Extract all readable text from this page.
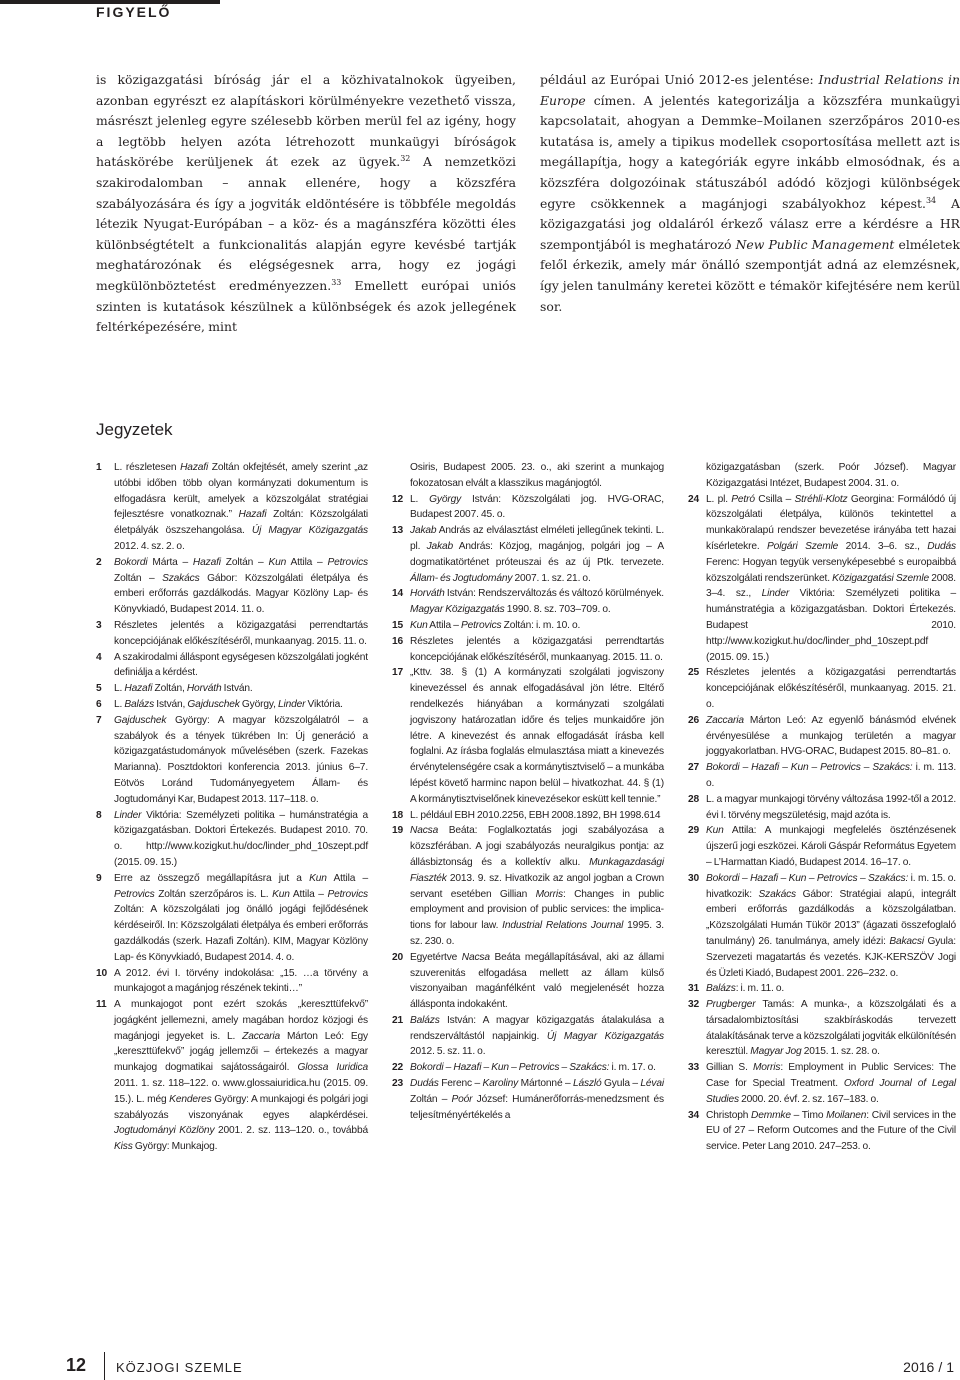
FIGYELŐ

is közigazgatási bíróság jár el a közhivatalnokok ügyeiben, azonban egyrészt ez alapításkori körülményekre vezethető vissza, másrészt jelenleg egyre szélesebb körben merül fel az igény, hogy a legtöbb helyen azóta létrehozott munkaügyi bíróságok hatáskörébe kerüljenek át ezek az ügyek.$^{32}$ A nemzetközi szakirodalomban – annak ellenére, hogy a közszféra szabályozására és így a jogviták eldöntésére is többféle megoldás létezik Nyugat-Európában – a köz- és a magánszféra közötti éles különbségtételt a funkcionalitás alapján egyre kevésbé tartják meghatározónak és elégségesnek arra, hogy ez jogági megkülönböztetést eredményezzen.$^{33}$ Emellett európai uniós szinten is kutatások készülnek a különbségek és azok jellegének feltérképezésére, mint

például az Európai Unió 2012-es jelentése: Industrial Relations in Europe címen. A jelentés kategorizálja a közszféra munkaügyi kapcsolatait, ahogyan a Demmke–Moilanen szerzőpáros 2010-es kutatása is, amely a tipikus modellek csoportosítása mellett azt is megállapítja, hogy a kategóriák egyre inkább elmosódnak, és a közszféra dolgozóinak státuszából adódó közjogi különbségek egyre csökkennek a magánjogi szabályokhoz képest.$^{34}$ A közigazgatási jog oldaláról érkező válasz erre a kérdésre a HR szempontjából is meghatározó New Public Management elméletek felől érkezik, amely már önálló szempontját adná az elemzésnek, így jelen tanulmány keretei között e témakör kifejtésére nem kerül sor.

Jegyzetek

1 L. részletesen Hazafi Zoltán okfejtését, amely szerint „az utóbbi időben több olyan kormányzati dokumentum is elfogadásra került, amelyek a közszolgálat stratégiai fejlesztésre vonatkoznak.” Hazafi Zoltán: Közszolgálati életpályák öszszehangolása. Új Magyar Közigazgatás 2012. 4. sz. 2. o.

2 Bokordi Márta – Hazafi Zoltán – Kun Attila – Petrovics Zoltán – Szakács Gábor: Közszolgálati életpálya és emberi erőforrás gazdálkodás. Magyar Közlöny Lap- és Könyvkiadó, Budapest 2014. 11. o.

3 Részletes jelentés a közigazgatási perrendtartás koncepciójának előkészítéséről, munkaanyag. 2015. 11. o.

4 A szakirodalmi álláspont egységesen közszolgálati jogként definiálja a kérdést.

5 L. Hazafi Zoltán, Horváth István.

6 L. Balázs István, Gajduschek György, Linder Viktória.

7 Gajduschek György: A magyar közszolgálatról – a szabályok és a tények tükrében In: Új generáció a közigazgatástudományok művelésében (szerk. Fazekas Marianna). Posztdoktori konferencia 2013. június 6–7. Eötvös Loránd Tudományegyetem Állam- és Jogtudományi Kar, Budapest 2013. 117–118. o.

8 Linder Viktória: Személyzeti politika – humánstratégia a közigazgatásban. Doktori Értekezés. Budapest 2010. 70. o. http://www.kozigkut.hu/doc/linder_phd_10szept.pdf (2015. 09. 15.)

9 Erre az összegző megállapításra jut a Kun Attila – Petrovics Zoltán szerzőpáros is. L. Kun Attila – Petrovics Zoltán: A közszolgálati jog önálló jogági fejlődésének kérdéseiről. In: Közszolgálati életpálya és emberi erőforrás gazdálkodás (szerk. Hazafi Zoltán). KIM, Magyar Közlöny Lap- és Könyvkiadó, Budapest 2014. 4. o.

10 A 2012. évi I. törvény indokolása: „15. …a törvény a munkajogot a magánjog részének tekinti…”

11 A munkajogot pont ezért szokás „kereszttüfekvő” jogágként jellemezni, amely magában hordoz közjogi és magánjogi jegyeket is. L. Zaccaria Márton Leó: Egy „kereszttüfekvő” jogág jellemzői – értekezés a magyar munkajog dogmatikai sajátosságairól. Glossa Iuridica 2011. 1. sz. 118–122. o. www.glossaiuridica.hu (2015. 09. 15.). L. még Kenderes György: A munkajogi és polgári jogi szabályozás viszonyának egyes alapkérdései. Jogtudományi Közlöny 2001. 2. sz. 113–120. o., továbbá Kiss György: Munkajog.

Osiris, Budapest 2005. 23. o., aki szerint a munkajog fokozatosan elvált a klasszikus magánjogtól.

12 L. György István: Közszolgálati jog. HVG-ORAC, Budapest 2007. 45. o.

13 Jakab András az elválasztást elméleti jellegűnek tekinti. L. pl. Jakab András: Közjog, magánjog, polgári jog – A dogmatikatörténet próteuszai és az új Ptk. tervezete. Állam- és Jogtudomány 2007. 1. sz. 21. o.

14 Horváth István: Rendszerváltozás és változó körülmények. Magyar Közigazgatás 1990. 8. sz. 703–709. o.

15 Kun Attila – Petrovics Zoltán: i. m. 10. o.

16 Részletes jelentés a közigazgatási perrendtartás koncepciójának előkészítéséről, munkaanyag. 2015. 11. o.

17 „Kttv. 38. § (1) A kormányzati szolgálati jogviszony kinevezéssel és annak elfogadásával jön létre. Eltérő rendelkezés hiányában a kormányzati szolgálati jogviszony határozatlan időre és teljes munkaidőre jön létre. A kinevezést és annak elfogadását írásba kell foglalni. Az írásba foglalás elmulasztása miatt a kinevezés érvénytelenségére csak a kormánytisztviselő – a munkába lépést követő harminc napon belül – hivatkozhat. 44. § (1) A kormánytisztviselőnek kinevezésekor eskütt kell tennie.”

18 L. például EBH 2010.2256, EBH 2008.1892, BH 1998.614

19 Nacsa Beáta: Foglalkoztatás jogi szabályozása a közszférában. A jogi szabályozás neuralgikus pontja: az állásbiztonság és a kollektív alku. Munkagazdasági Fiaszték 2013. 9. sz. Hivatkozik az angol jogban a Crown servant esetében Gillian Morris: Changes in public employment and provision of public services: the implications for labour law. Industrial Relations Journal 1995. 3. sz. 230. o.

20 Egyetértve Nacsa Beáta megállapításával, aki az állami szuverenitás elfogadása mellett az állam külső viszonyaiban magánfélként való megjelenését hozza állásponta indokaként.

21 Balázs István: A magyar közigazgatás átalakulása a rendszerváltástól napjainkig. Új Magyar Közigazgatás 2012. 5. sz. 11. o.

22 Bokordi – Hazafi – Kun – Petrovics – Szakács: i. m. 17. o.

23 Dudás Ferenc – Karoliny Mártonné – László Gyula – Lévai Zoltán – Poór József: Humánerőforrás-menedzsment és teljesítményértékelés a

közigazgatásban (szerk. Poór József). Magyar Közigazgatási Intézet, Budapest 2004. 31. o.

24 L. pl. Petró Csilla – Stréhli-Klotz Georgina: Formálódó új közszolgálati életpálya, különös tekintettel a munkaköralapú rendszer bevezetése irányába tett hazai kísérletekre. Polgári Szemle 2014. 3–6. sz., Dudás Ferenc: Hogyan tegyük versenyképesebbé s europaibbá közszolgálati rendszerünket. Közigazgatási Szemle 2008. 3–4. sz., Linder Viktória: Személyzeti politika – humánstratégia a közigazgatásban. Doktori Értekezés. Budapest 2010. http://www.kozigkut.hu/doc/linder_phd_10szept.pdf (2015. 09. 15.)

25 Részletes jelentés a közigazgatási perrendtartás koncepciójának előkészítéséről, munkaanyag. 2015. 21. o.

26 Zaccaria Márton Leó: Az egyenlő bánásmód elvének érvényesülése a munkajog területén a magyar joggyakorlatban. HVG-ORAC, Budapest 2015. 80–81. o.

27 Bokordi – Hazafi – Kun – Petrovics – Szakács: i. m. 113. o.

28 L. a magyar munkajogi törvény változása 1992-től a 2012. évi I. törvény megszületésig, majd azóta is.

29 Kun Attila: A munkajogi megfelelés öszténzésenek újszerű jogi eszközei. Károli Gáspár Református Egyetem – L’Harmattan Kiadó, Budapest 2014. 16–17. o.

30 Bokordi – Hazafi – Kun – Petrovics – Szakács: i. m. 15. o. hivatkozik: Szakács Gábor: Stratégiai alapú, integrált emberi erőforrás gazdálkodás a közszolgálatban. „Közszolgálati Humán Tükör 2013” (ágazati összefoglaló tanulmány) 26. tanulmánya, amely idézi: Bakacsi Gyula: Szervezeti magatartás és vezetés. KJK-KERSZÖV Jogi és Üzleti Kiadó, Budapest 2001. 226–232. o.

31 Balázs: i. m. 11. o.

32 Prugberger Tamás: A munka-, a közszolgálati és a társadalombiztosítási szakbíráskodás tervezett átalakításának terve a közszolgálati jogviták elkülönítésén keresztül. Magyar Jog 2015. 1. sz. 28. o.

33 Gillian S. Morris: Employment in Public Services: The Case for Special Treatment. Oxford Journal of Legal Studies 2000. 20. évf. 2. sz. 167–183. o.

34 Christoph Demmke – Timo Moilanen: Civil services in the EU of 27 – Reform Outcomes and the Future of the Civil service. Peter Lang 2010. 247–253. o.

12 KÖZJOGI SZEMLE	2016 / 1
